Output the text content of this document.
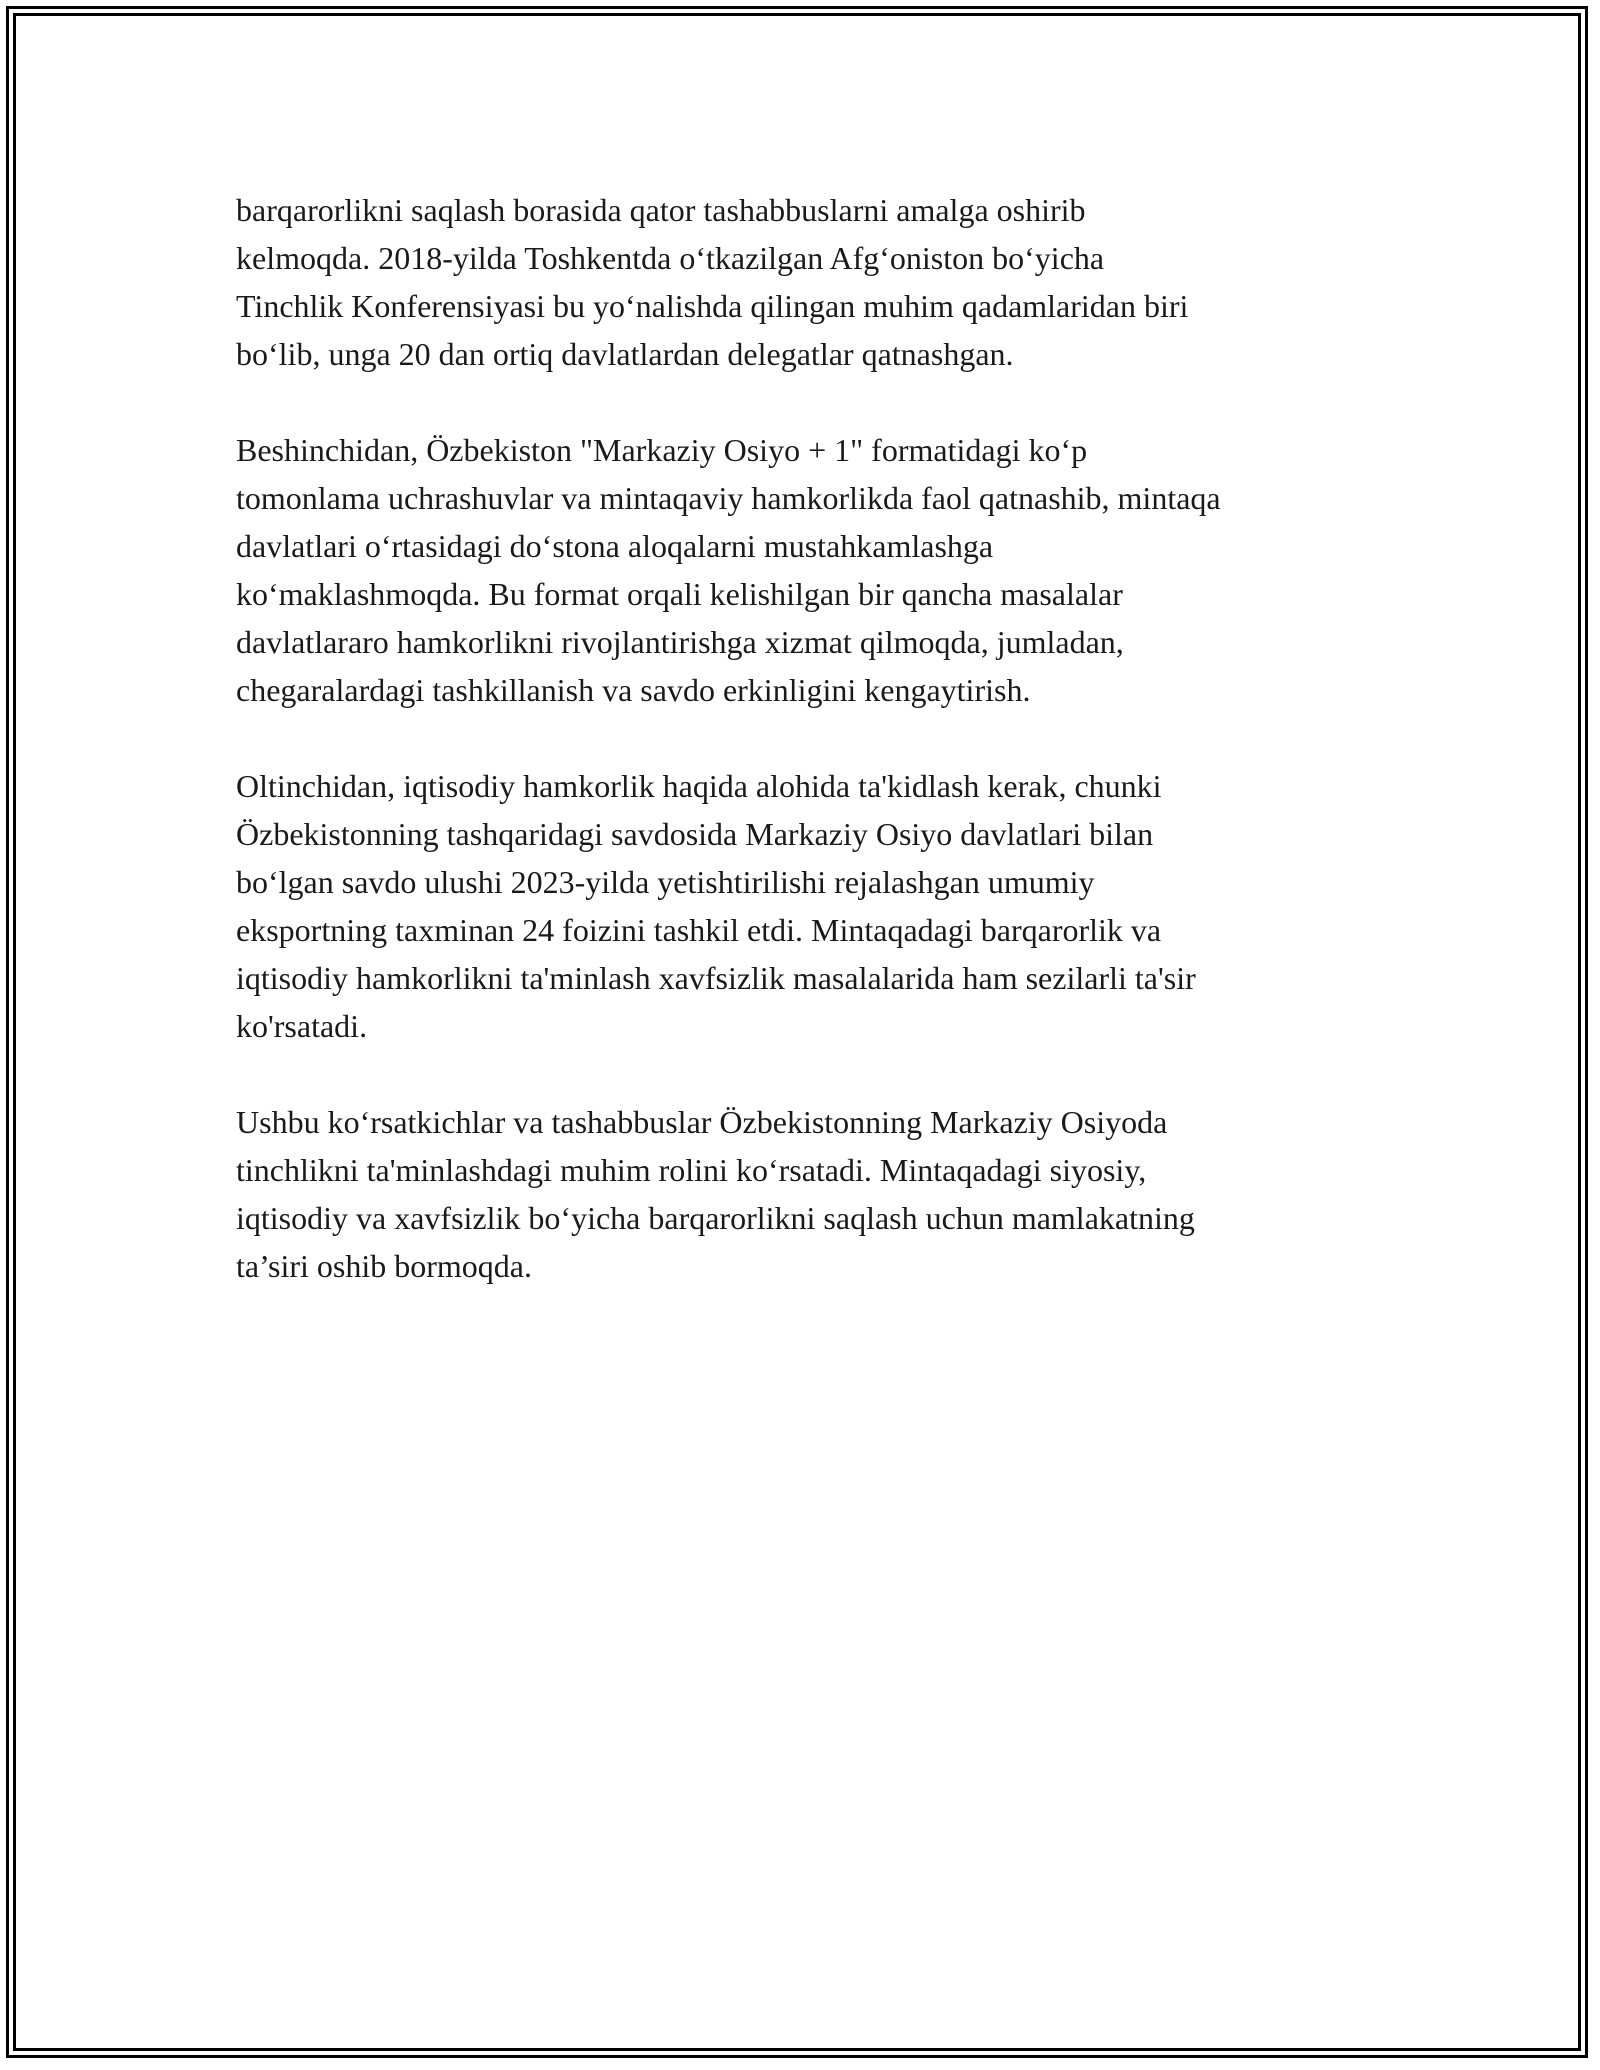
barqarorlikni saqlash borasida qator tashabbuslarni amalga oshirib
kelmoqda. 2018-yilda Toshkentda o‘tkazilgan Afg‘oniston bo‘yicha
Tinchlik Konferensiyasi bu yo‘nalishda qilingan muhim qadamlaridan biri
bo‘lib, unga 20 dan ortiq davlatlardan delegatlar qatnashgan.

Beshinchidan, Özbekiston "Markaziy Osiyo + 1" formatidagi ko‘p
tomonlama uchrashuvlar va mintaqaviy hamkorlikda faol qatnashib, mintaqa
davlatlari o‘rtasidagi do‘stona aloqalarni mustahkamlashga
ko‘maklashmoqda. Bu format orqali kelishilgan bir qancha masalalar
davlatlararo hamkorlikni rivojlantirishga xizmat qilmoqda, jumladan,
chegaralardagi tashkillanish va savdo erkinligini kengaytirish.

Oltinchidan, iqtisodiy hamkorlik haqida alohida ta'kidlash kerak, chunki
Özbekistonning tashqaridagi savdosida Markaziy Osiyo davlatlari bilan
bo‘lgan savdo ulushi 2023-yilda yetishtirilishi rejalashgan umumiy
eksportning taxminan 24 foizini tashkil etdi. Mintaqadagi barqarorlik va
iqtisodiy hamkorlikni ta'minlash xavfsizlik masalalarida ham sezilarli ta'sir
ko'rsatadi.

Ushbu ko‘rsatkichlar va tashabbuslar Özbekistonning Markaziy Osiyoda
tinchlikni ta'minlashdagi muhim rolini ko‘rsatadi. Mintaqadagi siyosiy,
iqtisodiy va xavfsizlik bo‘yicha barqarorlikni saqlash uchun mamlakatning
ta’siri oshib bormoqda.
